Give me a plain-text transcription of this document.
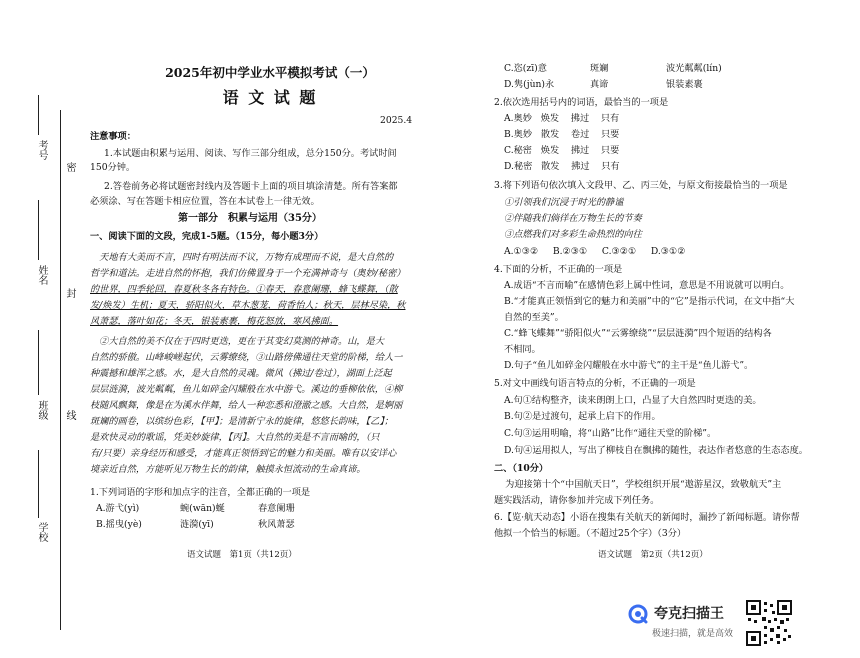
考号
密
姓名
封
班级 线
学校
2025年初中学业水平模拟考试（一）
语 文 试 题
2025.4
注意事项：
1.本试题由积累与运用、阅读、写作三部分组成，总分150分。考试时间
150分钟。
2.答卷前务必将试题密封线内及答题卡上面的项目填涂清楚。所有答案都
必须涂、写在答题卡相应位置，答在本试卷上一律无效。
第一部分　积累与运用（35分）
一、阅读下面的文段，完成1-5题。（15分，每小题3分）
　天地有大美而不言，四时有明法而不议，万物有成理而不说，是大自然的
哲学和道法。走进自然的怀抱，我们仿佛置身于一个充满神奇与（奥妙/秘密）
的世界，四季轮回，春夏秋冬各有特色。①春天，春意阑珊，蜂飞蝶舞，（散
发/焕发）生机；夏天，骄阳似火，草木葱茏，荷香怡人；秋天，层林尽染，秋
风萧瑟，落叶如花；冬天，银装素裹，梅花怒放，寒风拂面。
　②大自然的美不仅在于四时更迭，更在于其变幻莫测的神奇。山，是大
自然的骄傲。山峰峻嵯起伏，云雾缭绕，③山路傍佛通往天堂的阶梯，给人一
种震撼和雄浑之感。水，是大自然的灵魂。微风（拂过/卷过），湖面上泛起
层层涟漪，波光粼粼，鱼儿如碎金闪耀般在水中游弋。溪边的垂柳依依，④柳
枝随风飘舞，像是在为溪水伴舞，给人一种恋悉和澄澈之感。大自然，是婀丽
斑斓的画卷，以缤纷色彩，【甲】；是清新宁永的旋律，悠悠长韵味，【乙】；
是欢快灵动的歌谣，凭美妙旋律，【丙】。大自然的美是不言而喻的，（只
有/只要）亲身经历和感受，才能真正领悟到它的魅力和美丽。唯有以安详心
境亲近自然，方能听见万物生长的韵律，触摸永恒流动的生命真谛。
1.下列词语的字形和加点字的注音，全都正确的一项是
A.游弋(yì)	蜿(wān)蜒	春意阑珊
B.摇曳(yè)	涟漪(yī)	秋风萧瑟
语文试题　第1页（共12页）
C.恣(zī)意	斑斓	波光粼粼(lín)
D.隽(jùn)永	真谛	银装素裹
2.依次选用括号内的词语，最恰当的一项是
A.奥妙 焕发 拂过 只有
B.奥妙 散发 卷过 只要
C.秘密 焕发 拂过 只要
D.秘密 散发 拂过 只有
3.将下列语句依次填入文段甲、乙、丙三处，与原文衔接最恰当的一项是
①引领我们沉浸于时光的静谧
②伴随我们倘徉在万物生长的节奏
③点燃我们对多彩生命热烈的向往
A.①③② B.②③① C.③②① D.③①②
4.下面的分析，不正确的一项是
A.成语“不言而喻”在感情色彩上属中性词，意思是不用说就可以明白。
B.“才能真正领悟到它的魅力和美丽”中的“它”是指示代词，在文中指“大
自然的至美”。
C.“蜂飞蝶舞”“骄阳似火”“云雾缭绕”“层层涟漪”四个短语的结构各
不相同。
D.句子“鱼儿如碎金闪耀般在水中游弋”的主干是“鱼儿游弋”。
5.对文中画线句语言特点的分析，不正确的一项是
A.句①结构整齐，读来朗朗上口，凸显了大自然四时更迭的美。
B.句②是过渡句，起承上启下的作用。
C.句③运用明喻，将“山路”比作“通往天堂的阶梯”。
D.句④运用拟人，写出了柳枝自在飘拂的随性，表达作者悠意的生态态度。
二、（10分）
　为迎接第十个“中国航天日”，学校组织开展“遨游星汉，致敬航天”主
题实践活动，请你参加并完成下列任务。
6.【览·航天动态】小语在搜集有关航天的新闻时，漏抄了新闻标题。请你帮
他拟一个恰当的标题。（不超过25个字）（3分）
语文试题　第2页（共12页）
夸克扫描王
极速扫描，就是高效
